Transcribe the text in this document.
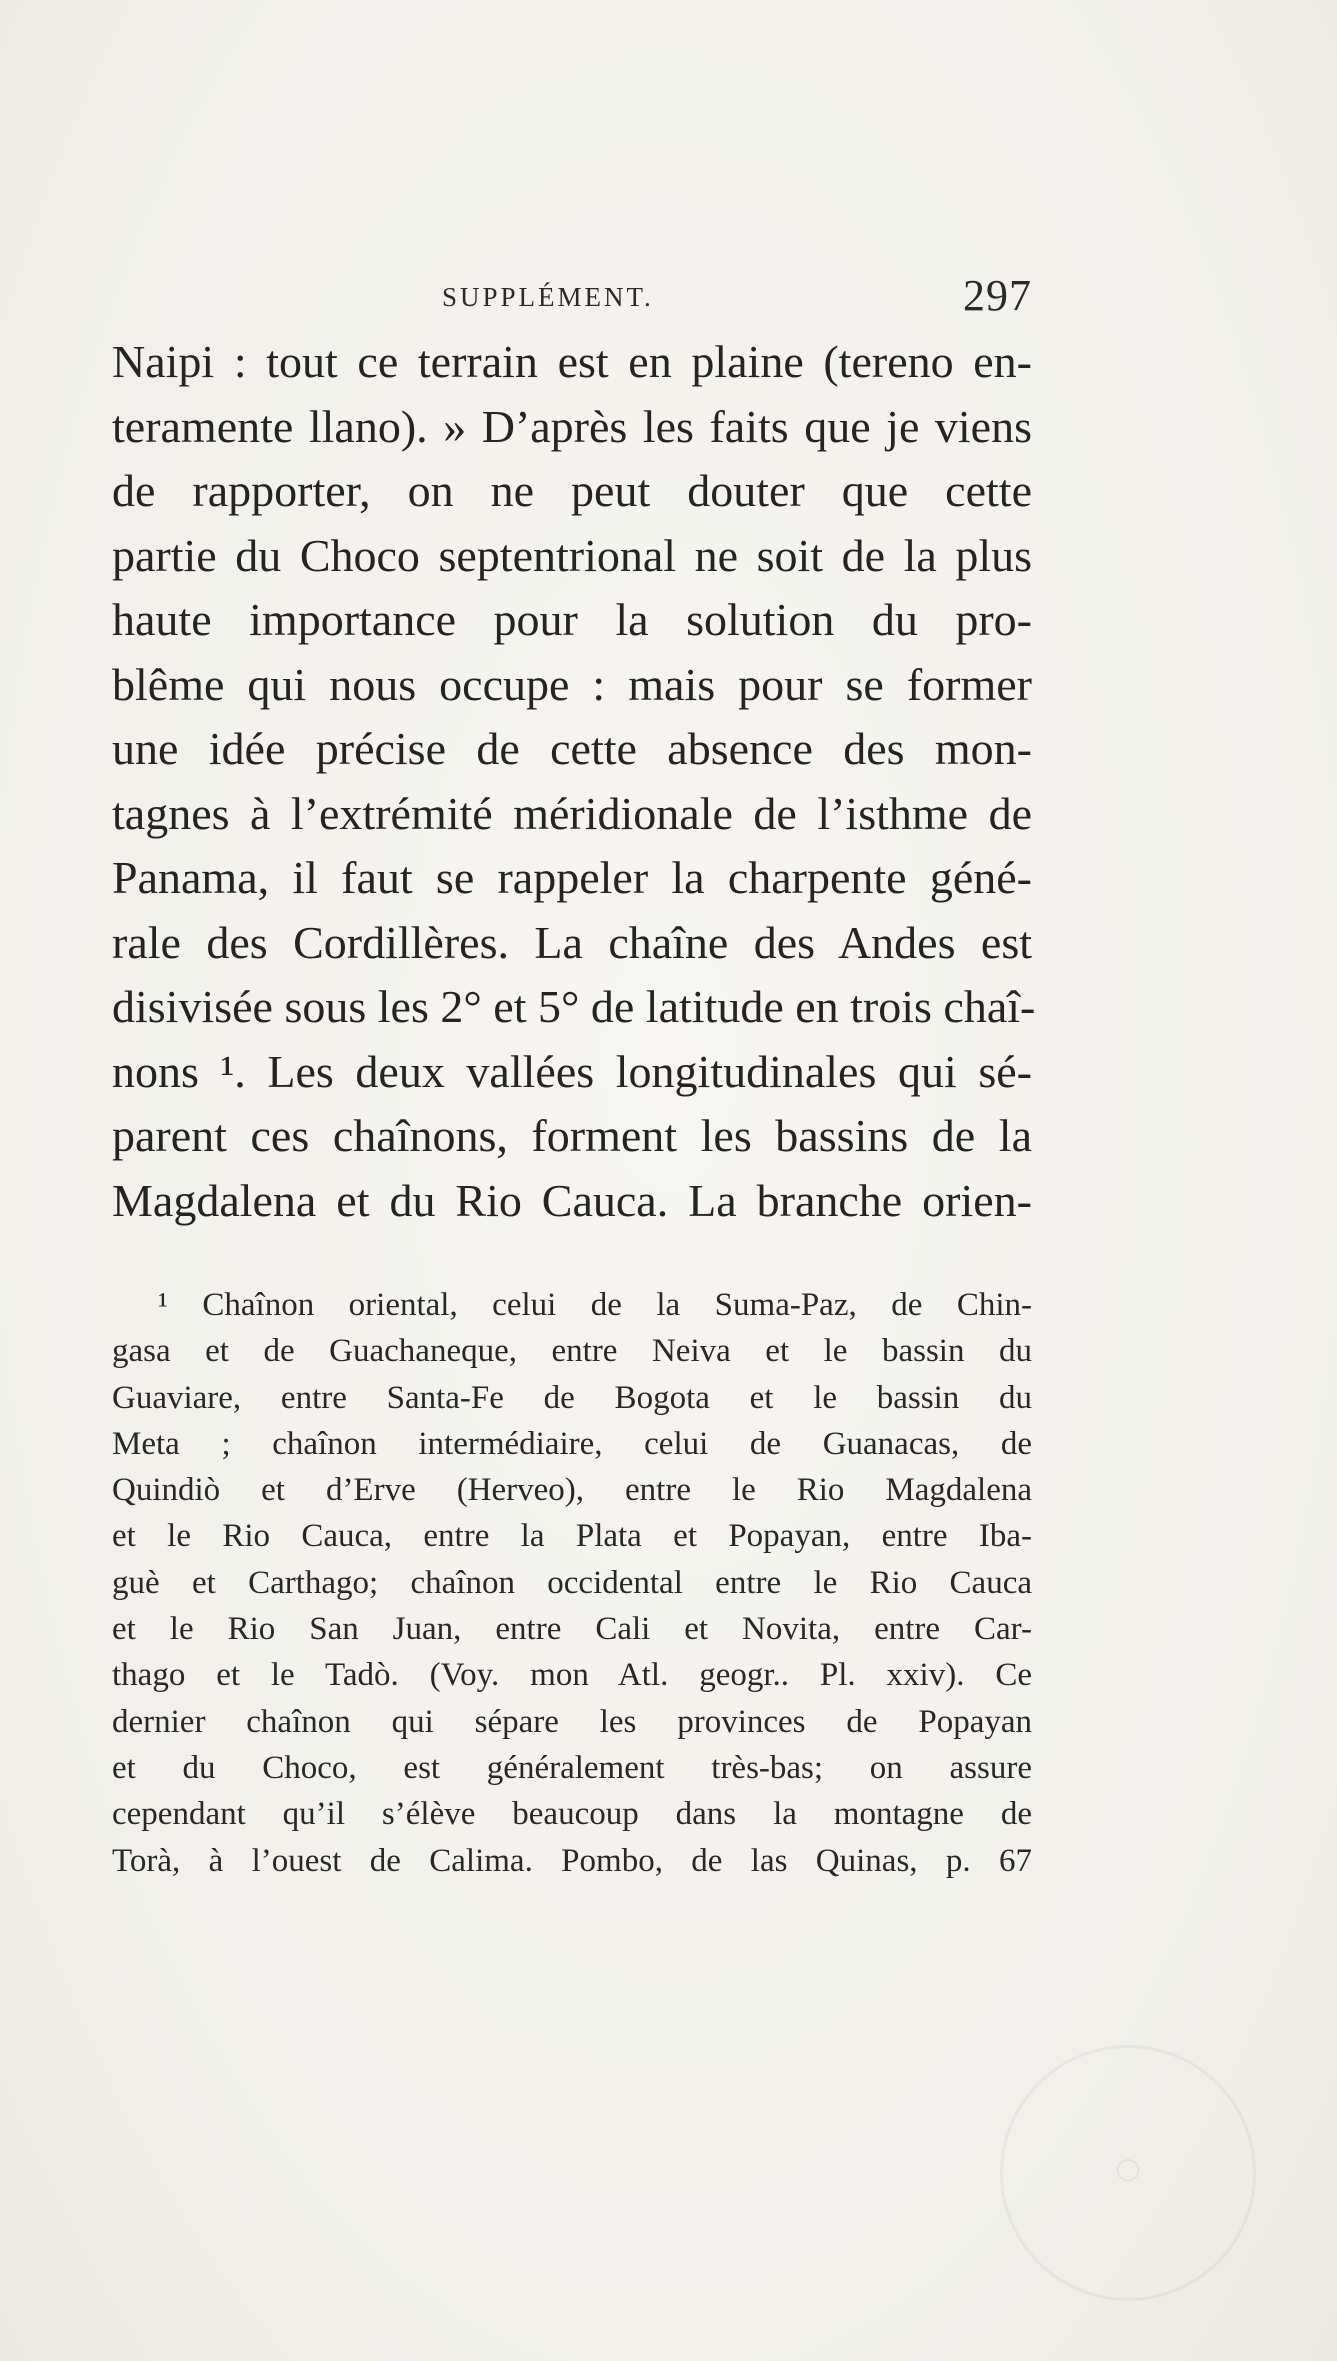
SUPPLÉMENT.	297
Naipi : tout ce terrain est en plaine (tereno en-
teramente llano). » D’après les faits que je viens
de rapporter, on ne peut douter que cette
partie du Choco septentrional ne soit de la plus
haute importance pour la solution du pro-
blême qui nous occupe : mais pour se former
une idée précise de cette absence des mon-
tagnes à l’extrémité méridionale de l’isthme de
Panama, il faut se rappeler la charpente géné-
rale des Cordillères. La chaîne des Andes est
disivisée sous les 2° et 5° de latitude en trois chaî-
nons ¹. Les deux vallées longitudinales qui sé-
parent ces chaînons, forment les bassins de la
Magdalena et du Rio Cauca. La branche orien-
¹ Chaînon oriental, celui de la Suma-Paz, de Chin-
gasa et de Guachaneque, entre Neiva et le bassin du
Guaviare, entre Santa-Fe de Bogota et le bassin du
Meta ; chaînon intermédiaire, celui de Guanacas, de
Quindiò et d’Erve (Herveo), entre le Rio Magdalena
et le Rio Cauca, entre la Plata et Popayan, entre Iba-
guè et Carthago; chaînon occidental entre le Rio Cauca
et le Rio San Juan, entre Cali et Novita, entre Car-
thago et le Tadò. (Voy. mon Atl. geogr.. Pl. xxiv). Ce
dernier chaînon qui sépare les provinces de Popayan
et du Choco, est généralement très-bas; on assure
cependant qu’il s’élève beaucoup dans la montagne de
Torà, à l’ouest de Calima. Pombo, de las Quinas, p. 67
◯
